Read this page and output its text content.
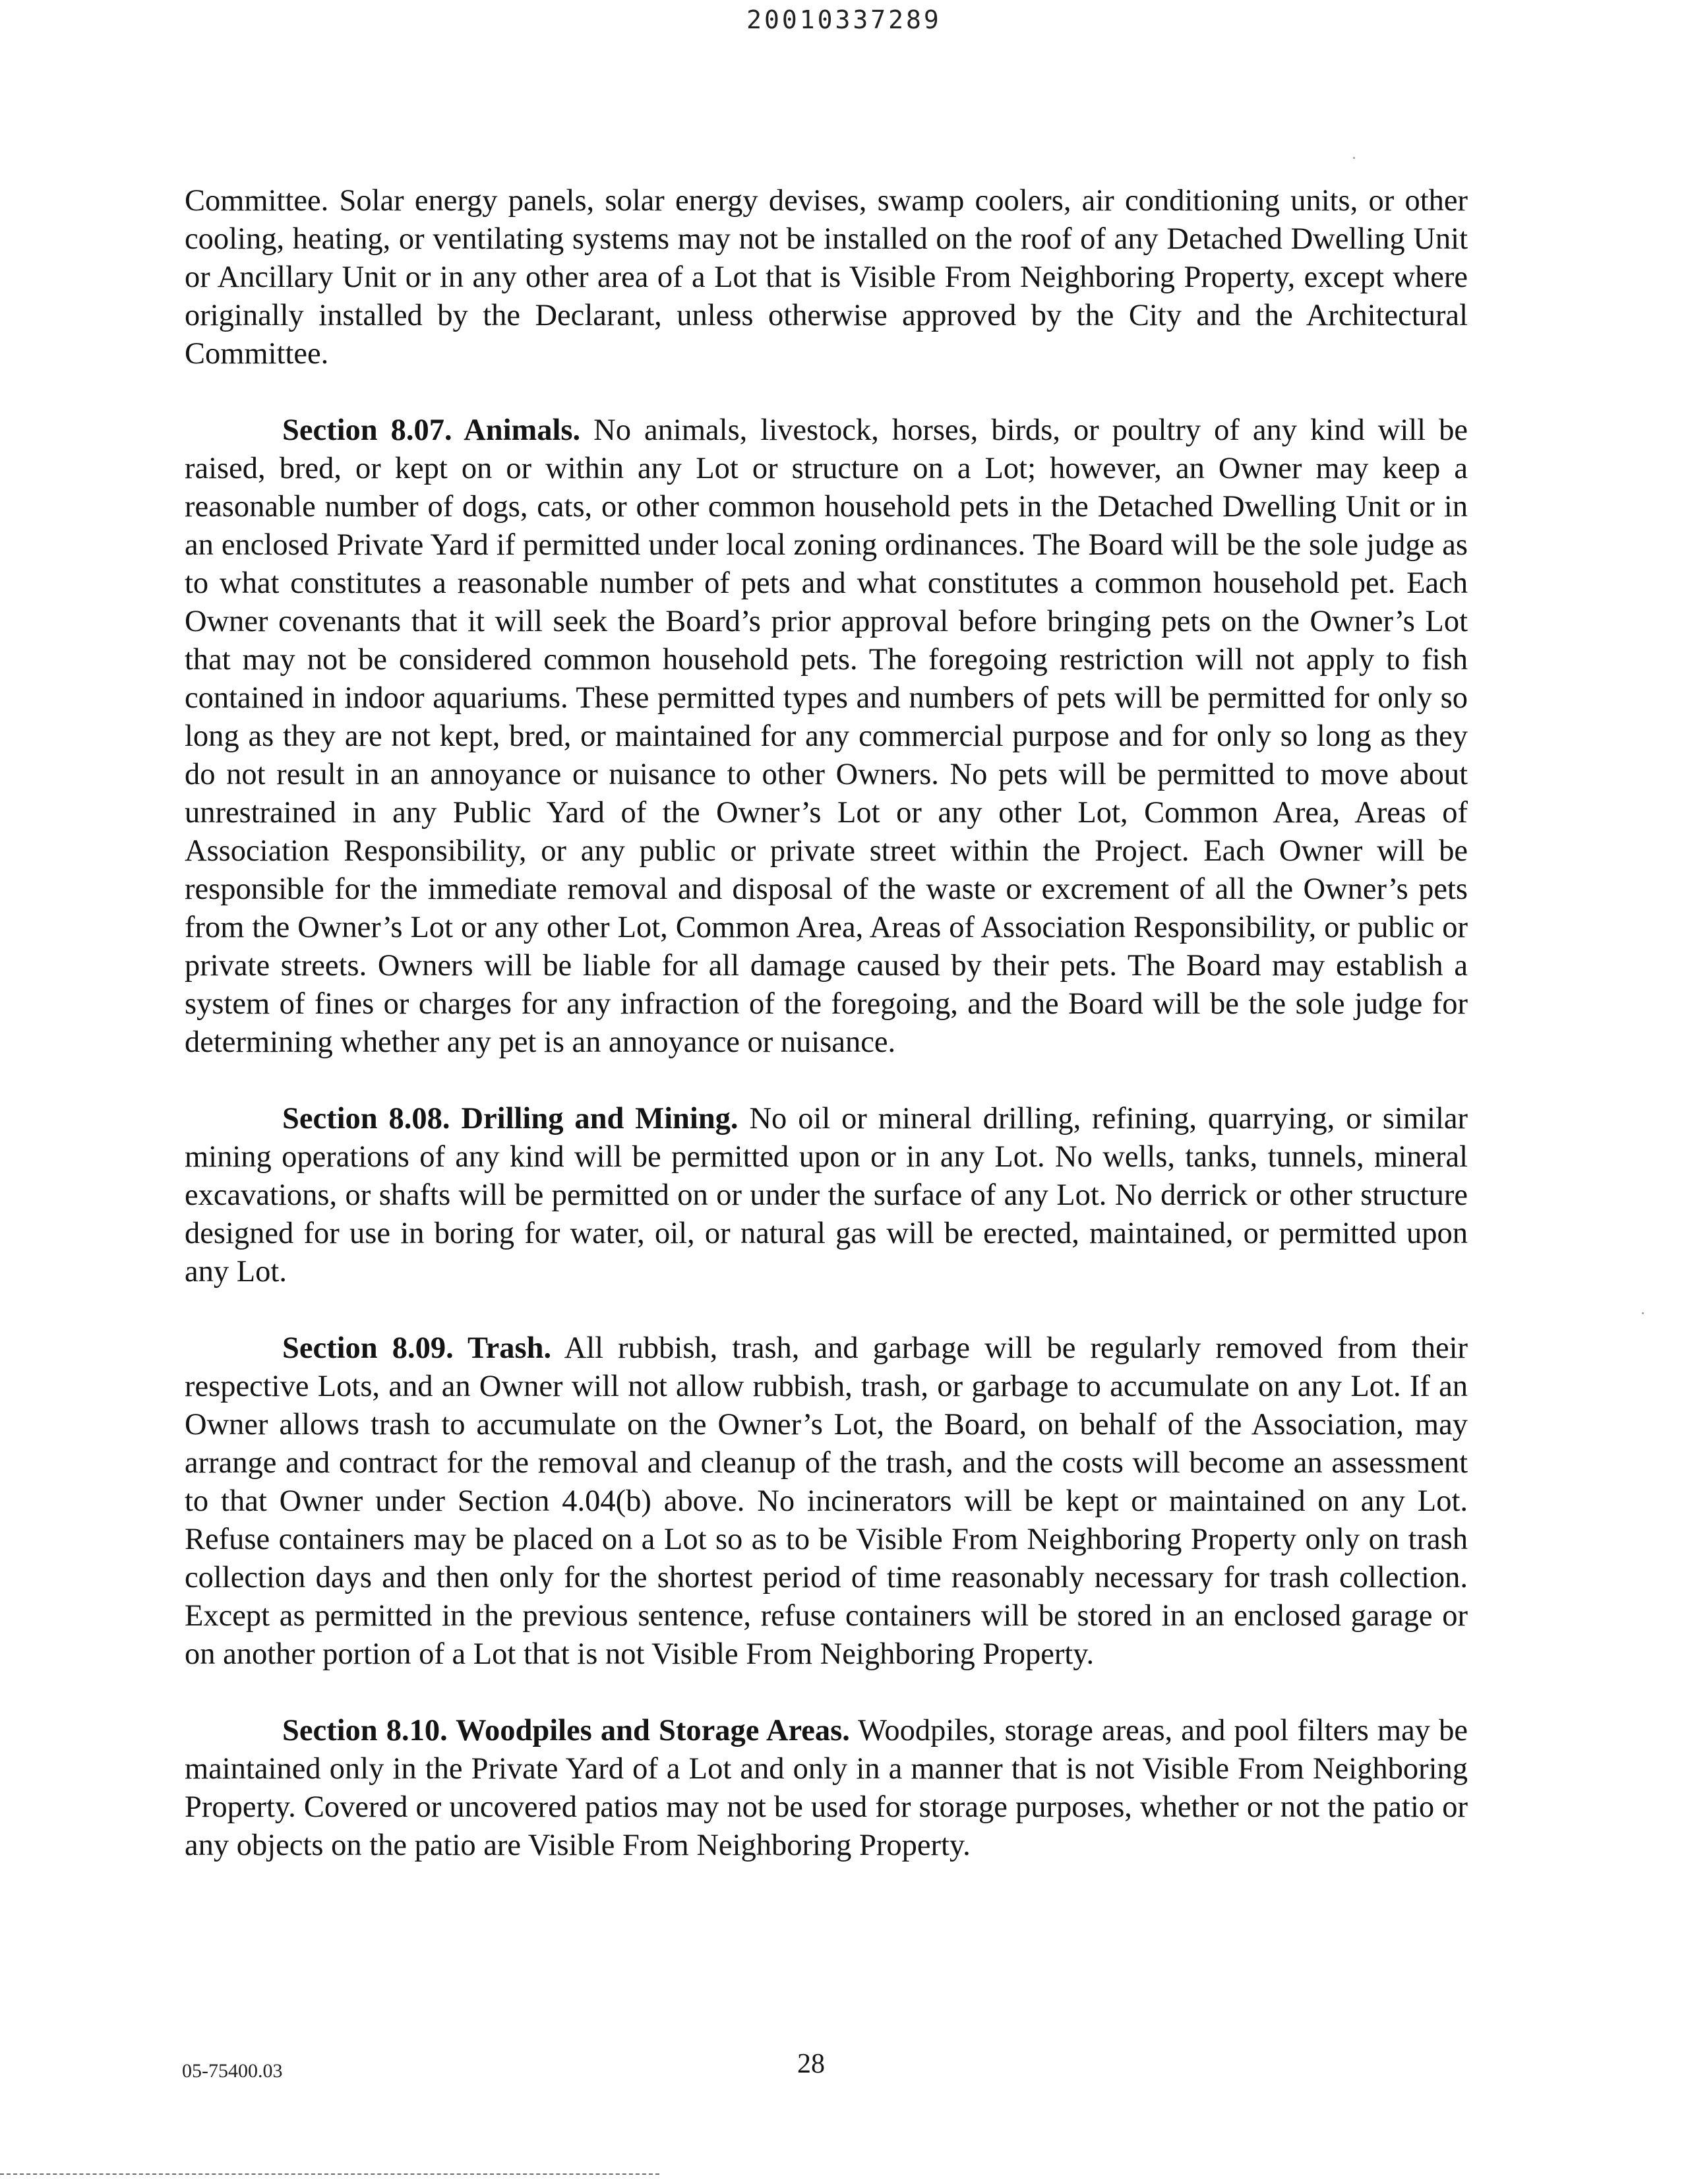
20010337289

Committee. Solar energy panels, solar energy devises, swamp coolers, air conditioning units, or other cooling, heating, or ventilating systems may not be installed on the roof of any Detached Dwelling Unit or Ancillary Unit or in any other area of a Lot that is Visible From Neighboring Property, except where originally installed by the Declarant, unless otherwise approved by the City and the Architectural Committee.

Section 8.07. Animals. No animals, livestock, horses, birds, or poultry of any kind will be raised, bred, or kept on or within any Lot or structure on a Lot; however, an Owner may keep a reasonable number of dogs, cats, or other common household pets in the Detached Dwelling Unit or in an enclosed Private Yard if permitted under local zoning ordinances. The Board will be the sole judge as to what constitutes a reasonable number of pets and what constitutes a common household pet. Each Owner covenants that it will seek the Board’s prior approval before bringing pets on the Owner’s Lot that may not be considered common household pets. The foregoing restriction will not apply to fish contained in indoor aquariums. These permitted types and numbers of pets will be permitted for only so long as they are not kept, bred, or maintained for any commercial purpose and for only so long as they do not result in an annoyance or nuisance to other Owners. No pets will be permitted to move about unrestrained in any Public Yard of the Owner’s Lot or any other Lot, Common Area, Areas of Association Responsibility, or any public or private street within the Project. Each Owner will be responsible for the immediate removal and disposal of the waste or excrement of all the Owner’s pets from the Owner’s Lot or any other Lot, Common Area, Areas of Association Responsibility, or public or private streets. Owners will be liable for all damage caused by their pets. The Board may establish a system of fines or charges for any infraction of the foregoing, and the Board will be the sole judge for determining whether any pet is an annoyance or nuisance.

Section 8.08. Drilling and Mining. No oil or mineral drilling, refining, quarrying, or similar mining operations of any kind will be permitted upon or in any Lot. No wells, tanks, tunnels, mineral excavations, or shafts will be permitted on or under the surface of any Lot. No derrick or other structure designed for use in boring for water, oil, or natural gas will be erected, maintained, or permitted upon any Lot.

Section 8.09. Trash. All rubbish, trash, and garbage will be regularly removed from their respective Lots, and an Owner will not allow rubbish, trash, or garbage to accumulate on any Lot. If an Owner allows trash to accumulate on the Owner’s Lot, the Board, on behalf of the Association, may arrange and contract for the removal and cleanup of the trash, and the costs will become an assessment to that Owner under Section 4.04(b) above. No incinerators will be kept or maintained on any Lot. Refuse containers may be placed on a Lot so as to be Visible From Neighboring Property only on trash collection days and then only for the shortest period of time reasonably necessary for trash collection. Except as permitted in the previous sentence, refuse containers will be stored in an enclosed garage or on another portion of a Lot that is not Visible From Neighboring Property.

Section 8.10. Woodpiles and Storage Areas. Woodpiles, storage areas, and pool filters may be maintained only in the Private Yard of a Lot and only in a manner that is not Visible From Neighboring Property. Covered or uncovered patios may not be used for storage purposes, whether or not the patio or any objects on the patio are Visible From Neighboring Property.

05-75400.03	28
